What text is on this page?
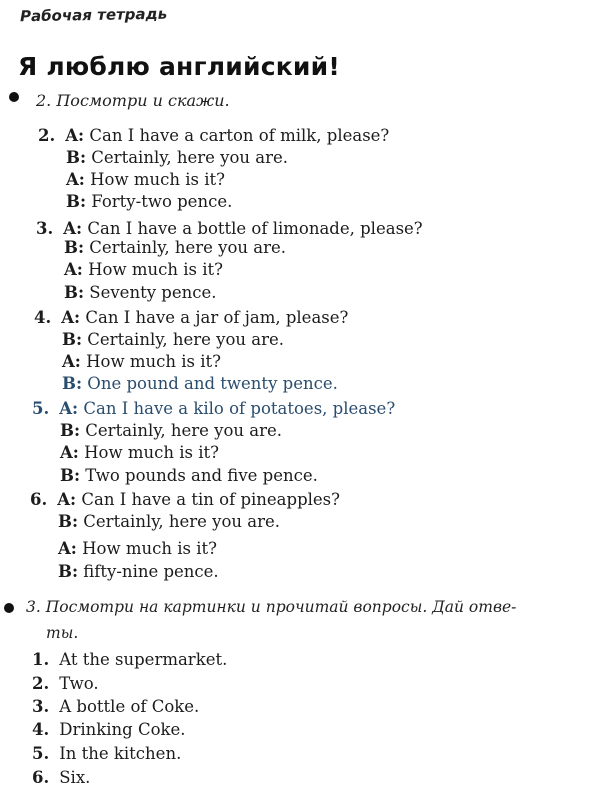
Рабочая тетрадь
Я люблю английский!
2. Посмотри и скажи.
2. A: Can I have a carton of milk, please?
B: Certainly, here you are.
A: How much is it?
B: Forty-two pence.
3. A: Can I have a bottle of limonade, please?
B: Certainly, here you are.
A: How much is it?
B: Seventy pence.
4. A: Can I have a jar of jam, please?
B: Certainly, here you are.
A: How much is it?
B: One pound and twenty pence.
5. A: Can I have a kilo of potatoes, please?
B: Certainly, here you are.
A: How much is it?
B: Two pounds and five pence.
6. A: Can I have a tin of pineapples?
B: Certainly, here you are.
A: How much is it?
B: fifty-nine pence.
3. Посмотри на картинки и прочитай вопросы. Дай отве-
ты.
1. At the supermarket.
2. Two.
3. A bottle of Coke.
4. Drinking Coke.
5. In the kitchen.
6. Six.
